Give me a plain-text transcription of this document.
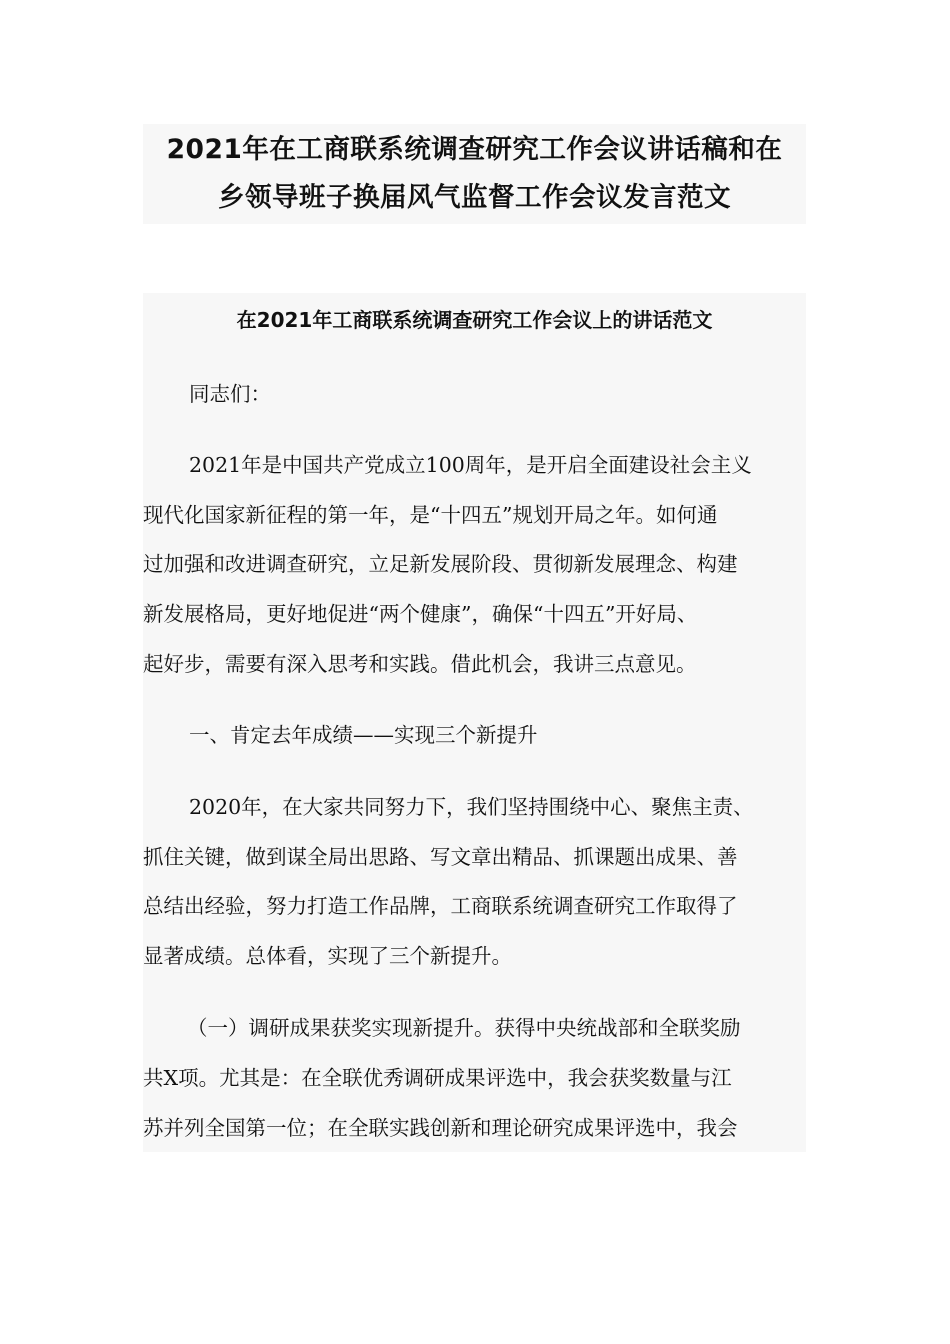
2021年在工商联系统调查研究工作会议讲话稿和在
乡领导班子换届风气监督工作会议发言范文
在2021年工商联系统调查研究工作会议上的讲话范文
同志们：
2021年是中国共产党成立100周年，是开启全面建设社会主义
现代化国家新征程的第一年，是“十四五”规划开局之年。如何通
过加强和改进调查研究，立足新发展阶段、贯彻新发展理念、构建
新发展格局，更好地促进“两个健康”，确保“十四五”开好局、
起好步，需要有深入思考和实践。借此机会，我讲三点意见。
一、肯定去年成绩——实现三个新提升
2020年，在大家共同努力下，我们坚持围绕中心、聚焦主责、
抓住关键，做到谋全局出思路、写文章出精品、抓课题出成果、善
总结出经验，努力打造工作品牌，工商联系统调查研究工作取得了
显著成绩。总体看，实现了三个新提升。
（一）调研成果获奖实现新提升。获得中央统战部和全联奖励
共X项。尤其是：在全联优秀调研成果评选中，我会获奖数量与江
苏并列全国第一位；在全联实践创新和理论研究成果评选中，我会
